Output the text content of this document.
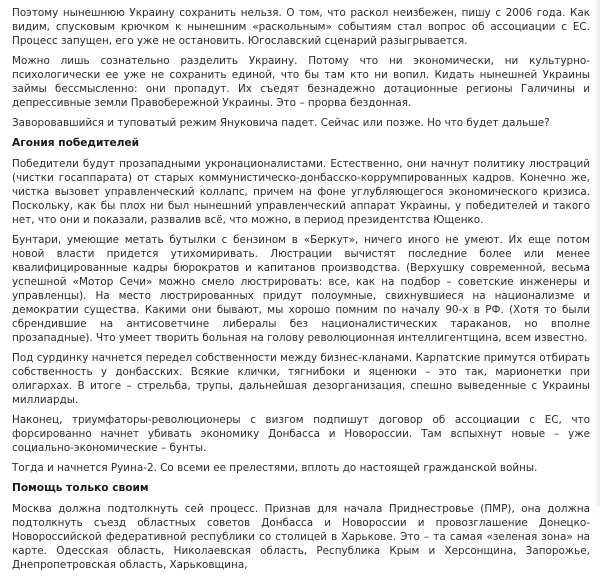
Поэтому нынешнюю Украину сохранить нельзя. О том, что раскол неизбежен, пишу с 2006 года. Как видим, спусковым крючком к нынешним «раскольным» событиям стал вопрос об ассоциации с ЕС. Процесс запущен, его уже не остановить. Югославский сценарий разыгрывается.

Можно лишь сознательно разделить Украину. Потому что ни экономически, ни культурно-психологически ее уже не сохранить единой, что бы там кто ни вопил. Кидать нынешней Украины займы бессмысленно: они пропадут. Их съедят безнадежно дотационные регионы Галичины и депрессивные земли Правобережной Украины. Это – прорва бездонная.

Заворовавшийся и туповатый режим Януковича падет. Сейчас или позже. Но что будет дальше?

Агония победителей

Победители будут прозападными укронационалистами. Естественно, они начнут политику люстраций (чистки госаппарата) от старых коммунистическо-донбасско-коррумпированных кадров. Конечно же, чистка вызовет управленческий коллапс, причем на фоне углубляющегося экономического кризиса. Поскольку, как бы плох ни был нынешний управленческий аппарат Украины, у победителей и такого нет, что они и показали, развалив всё, что можно, в период президентства Ющенко.

Бунтари, умеющие метать бутылки с бензином в «Беркут», ничего иного не умеют. Их еще потом новой власти придется утихомиривать. Люстрации вычистят последние более или менее квалифицированные кадры бюрократов и капитанов производства. (Верхушку современной, весьма успешной «Мотор Сечи» можно смело люстрировать: все, как на подбор – советские инженеры и управленцы). На место люстрированных придут полоумные, свихнувшиеся на национализме и демократии существа. Какими они бывают, мы хорошо помним по началу 90-х в РФ. (Хотя то были сбрендившие на антисоветчине либералы без националистических тараканов, но вполне прозападные). Что умеет творить больная на голову революционная интеллигентщина, всем известно.

Под сурдинку начнется передел собственности между бизнес-кланами. Карпатские примутся отбирать собственность у донбасских. Всякие клички, тягнибоки и яценюки – это так, марионетки при олигархах. В итоге – стрельба, трупы, дальнейшая дезорганизация, спешно выведенные с Украины миллиарды.

Наконец, триумфаторы-революционеры с визгом подпишут договор об ассоциации с ЕС, что форсированно начнет убивать экономику Донбасса и Новороссии. Там вспыхнут новые – уже социально-экономические – бунты.

Тогда и начнется Руина-2. Со всеми ее прелестями, вплоть до настоящей гражданской войны.

Помощь только своим

Москва должна подтолкнуть сей процесс. Признав для начала Приднестровье (ПМР), она должна подтолкнуть съезд областных советов Донбасса и Новороссии и провозглашение Донецко-Новороссийской федеративной республики со столицей в Харькове. Это – та самая «зеленая зона» на карте. Одесская область, Николаевская область, Республика Крым и Херсонщина, Запорожье, Днепропетровская область, Харьковщина,
